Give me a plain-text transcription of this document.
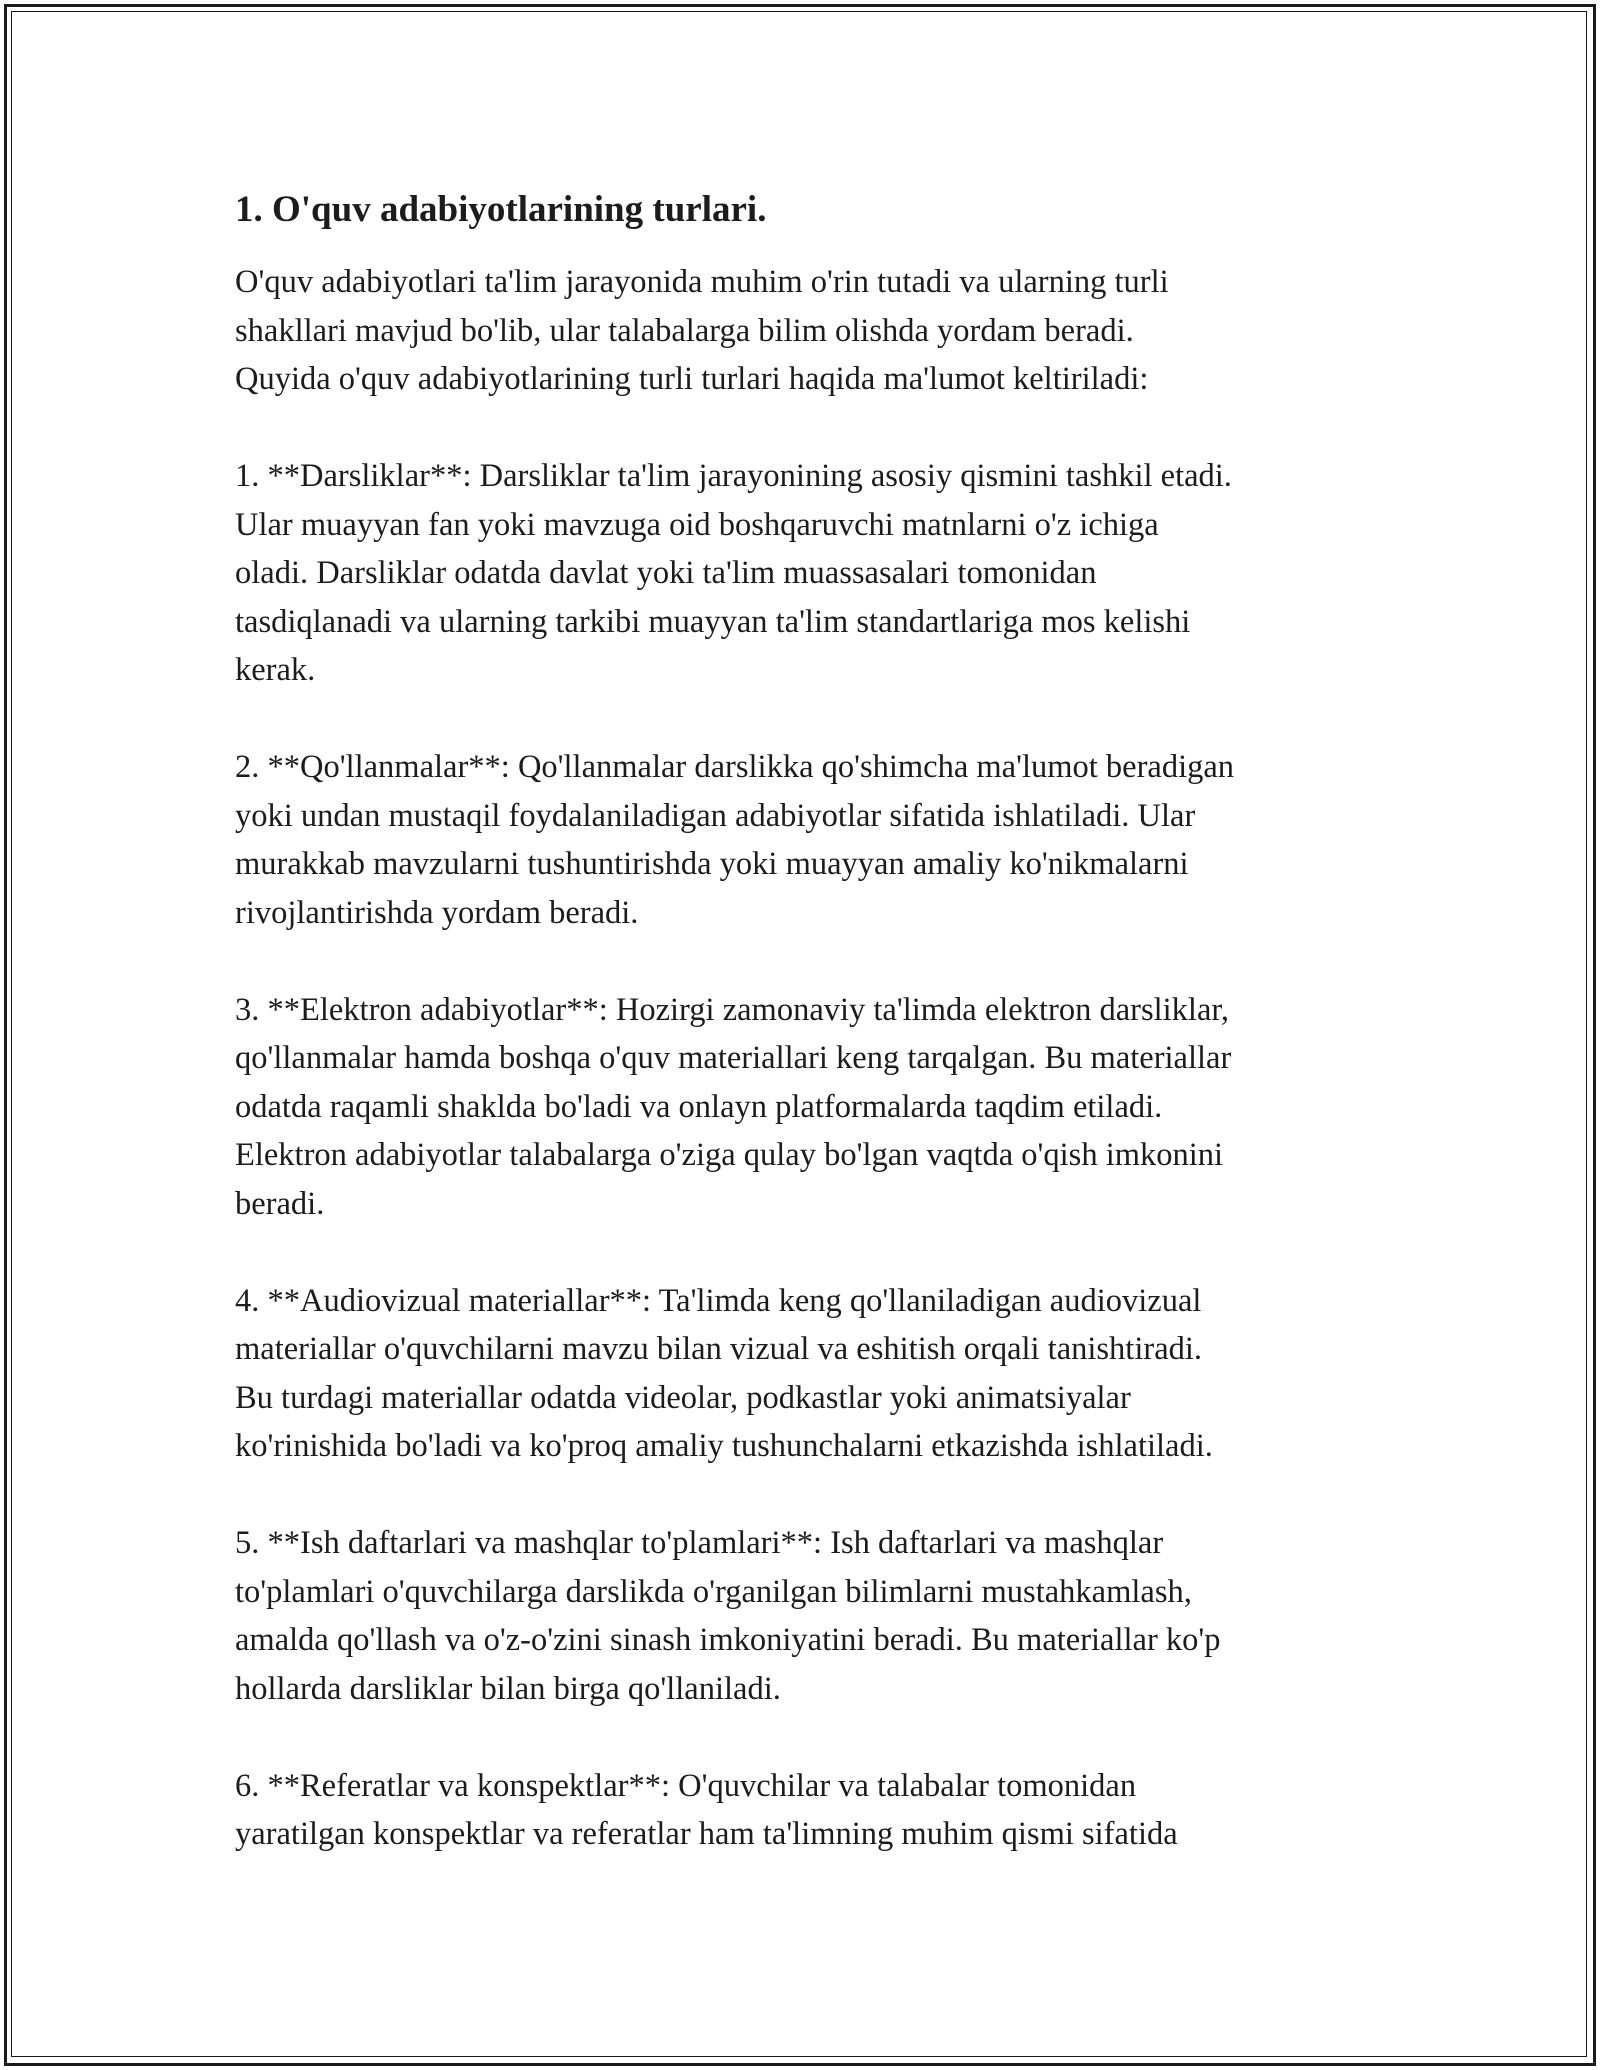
1. O'quv adabiyotlarining turlari.

O'quv adabiyotlari ta'lim jarayonida muhim o'rin tutadi va ularning turli
shakllari mavjud bo'lib, ular talabalarga bilim olishda yordam beradi.
Quyida o'quv adabiyotlarining turli turlari haqida ma'lumot keltiriladi:

1. **Darsliklar**: Darsliklar ta'lim jarayonining asosiy qismini tashkil etadi.
Ular muayyan fan yoki mavzuga oid boshqaruvchi matnlarni o'z ichiga
oladi. Darsliklar odatda davlat yoki ta'lim muassasalari tomonidan
tasdiqlanadi va ularning tarkibi muayyan ta'lim standartlariga mos kelishi
kerak.

2. **Qo'llanmalar**: Qo'llanmalar darslikka qo'shimcha ma'lumot beradigan
yoki undan mustaqil foydalaniladigan adabiyotlar sifatida ishlatiladi. Ular
murakkab mavzularni tushuntirishda yoki muayyan amaliy ko'nikmalarni
rivojlantirishda yordam beradi.

3. **Elektron adabiyotlar**: Hozirgi zamonaviy ta'limda elektron darsliklar,
qo'llanmalar hamda boshqa o'quv materiallari keng tarqalgan. Bu materiallar
odatda raqamli shaklda bo'ladi va onlayn platformalarda taqdim etiladi.
Elektron adabiyotlar talabalarga o'ziga qulay bo'lgan vaqtda o'qish imkonini
beradi.

4. **Audiovizual materiallar**: Ta'limda keng qo'llaniladigan audiovizual
materiallar o'quvchilarni mavzu bilan vizual va eshitish orqali tanishtiradi.
Bu turdagi materiallar odatda videolar, podkastlar yoki animatsiyalar
ko'rinishida bo'ladi va ko'proq amaliy tushunchalarni etkazishda ishlatiladi.

5. **Ish daftarlari va mashqlar to'plamlari**: Ish daftarlari va mashqlar
to'plamlari o'quvchilarga darslikda o'rganilgan bilimlarni mustahkamlash,
amalda qo'llash va o'z-o'zini sinash imkoniyatini beradi. Bu materiallar ko'p
hollarda darsliklar bilan birga qo'llaniladi.

6. **Referatlar va konspektlar**: O'quvchilar va talabalar tomonidan
yaratilgan konspektlar va referatlar ham ta'limning muhim qismi sifatida
